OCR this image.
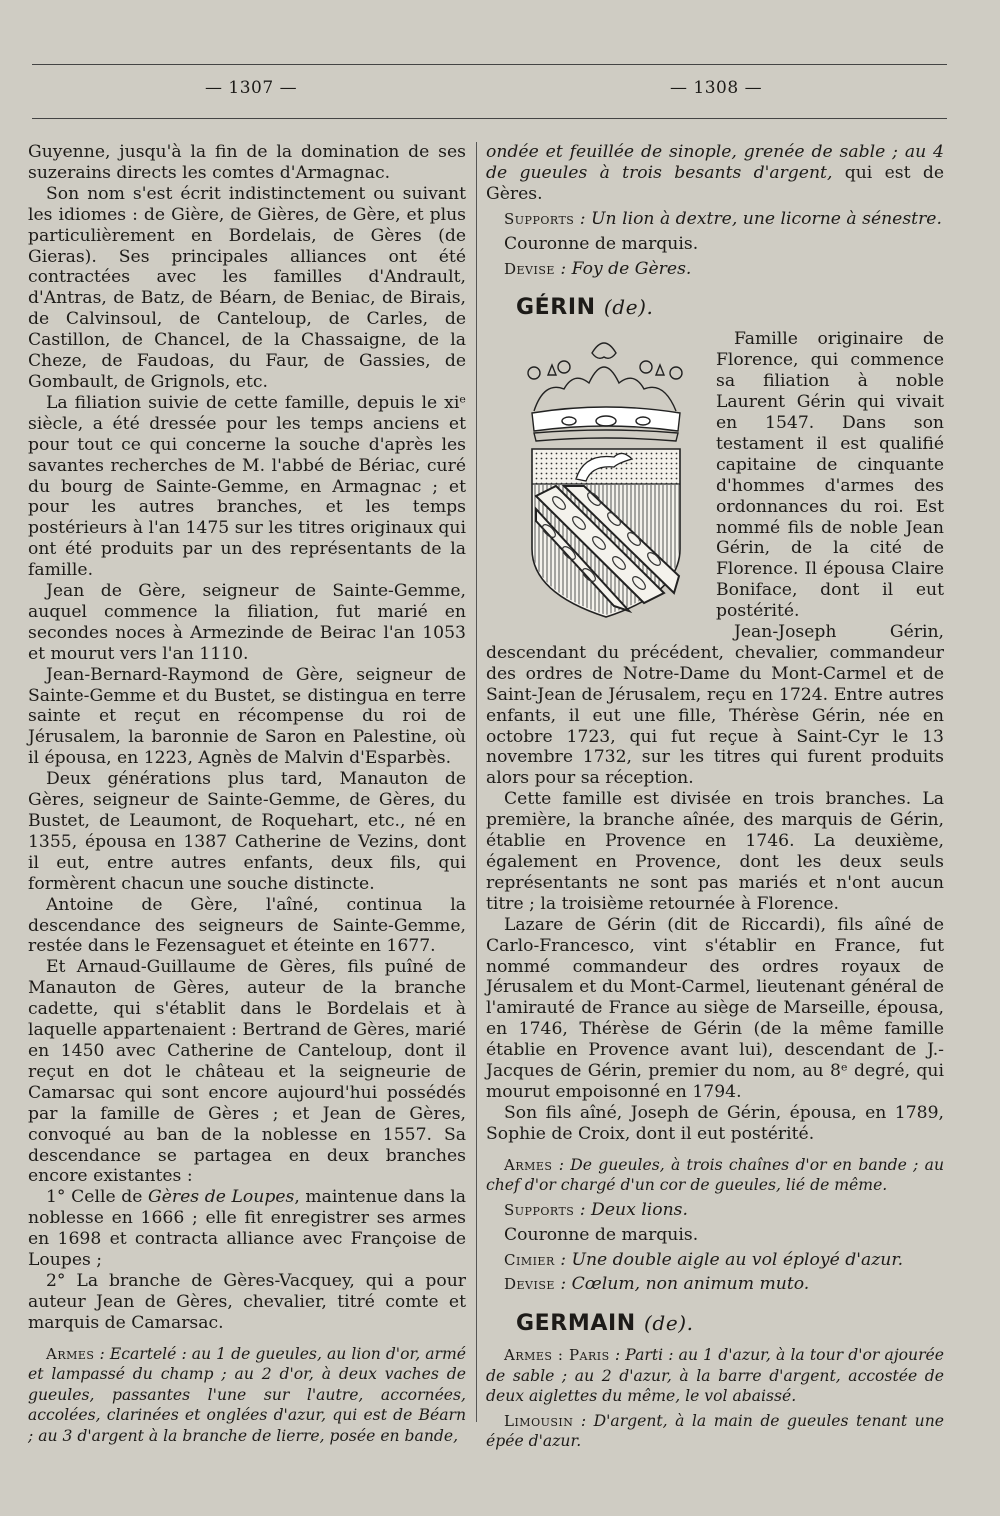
— 1307 —	— 1308 —

Guyenne, jusqu'à la fin de la domination de ses suzerains directs les comtes d'Armagnac.

Son nom s'est écrit indistinctement ou suivant les idiomes : de Gière, de Gières, de Gère, et plus particulièrement en Bordelais, de Gères (de Gieras). Ses principales alliances ont été contractées avec les familles d'Andrault, d'Antras, de Batz, de Béarn, de Beniac, de Birais, de Calvinsoul, de Canteloup, de Carles, de Castillon, de Chancel, de la Chassaigne, de la Cheze, de Faudoas, du Faur, de Gassies, de Gombault, de Grignols, etc.

La filiation suivie de cette famille, depuis le xiᵉ siècle, a été dressée pour les temps anciens et pour tout ce qui concerne la souche d'après les savantes recherches de M. l'abbé de Bériac, curé du bourg de Sainte-Gemme, en Armagnac ; et pour les autres branches, et les temps postérieurs à l'an 1475 sur les titres originaux qui ont été produits par un des représentants de la famille.

Jean de Gère, seigneur de Sainte-Gemme, auquel commence la filiation, fut marié en secondes noces à Armezinde de Beirac l'an 1053 et mourut vers l'an 1110.

Jean-Bernard-Raymond de Gère, seigneur de Sainte-Gemme et du Bustet, se distingua en terre sainte et reçut en récompense du roi de Jérusalem, la baronnie de Saron en Palestine, où il épousa, en 1223, Agnès de Malvin d'Esparbès.

Deux générations plus tard, Manauton de Gères, seigneur de Sainte-Gemme, de Gères, du Bustet, de Leaumont, de Roquehart, etc., né en 1355, épousa en 1387 Catherine de Vezins, dont il eut, entre autres enfants, deux fils, qui formèrent chacun une souche distincte.

Antoine de Gère, l'aîné, continua la descendance des seigneurs de Sainte-Gemme, restée dans le Fezensaguet et éteinte en 1677.

Et Arnaud-Guillaume de Gères, fils puîné de Manauton de Gères, auteur de la branche cadette, qui s'établit dans le Bordelais et à laquelle appartenaient : Bertrand de Gères, marié en 1450 avec Catherine de Canteloup, dont il reçut en dot le château et la seigneurie de Camarsac qui sont encore aujourd'hui possédés par la famille de Gères ; et Jean de Gères, convoqué au ban de la noblesse en 1557. Sa descendance se partagea en deux branches encore existantes :

1° Celle de Gères de Loupes, maintenue dans la noblesse en 1666 ; elle fit enregistrer ses armes en 1698 et contracta alliance avec Françoise de Loupes ;

2° La branche de Gères-Vacquey, qui a pour auteur Jean de Gères, chevalier, titré comte et marquis de Camarsac.

Armes : Ecartelé : au 1 de gueules, au lion d'or, armé et lampassé du champ ; au 2 d'or, à deux vaches de gueules, passantes l'une sur l'autre, accornées, accolées, clarinées et onglées d'azur, qui est de Béarn ; au 3 d'argent à la branche de lierre, posée en bande,

ondée et feuillée de sinople, grenée de sable ; au 4 de gueules à trois besants d'argent, qui est de Gères.

Supports : Un lion à dextre, une licorne à sénestre.

Couronne de marquis.

Devise : Foy de Gères.

GÉRIN (de).

Famille originaire de Florence, qui commence sa filiation à noble Laurent Gérin qui vivait en 1547. Dans son testament il est qualifié capitaine de cinquante d'hommes d'armes des ordonnances du roi. Est nommé fils de noble Jean Gérin, de la cité de Florence. Il épousa Claire Boniface, dont il eut postérité.

Jean-Joseph Gérin, descendant du précédent, chevalier, commandeur des ordres de Notre-Dame du Mont-Carmel et de Saint-Jean de Jérusalem, reçu en 1724. Entre autres enfants, il eut une fille, Thérèse Gérin, née en octobre 1723, qui fut reçue à Saint-Cyr le 13 novembre 1732, sur les titres qui furent produits alors pour sa réception.

Cette famille est divisée en trois branches. La première, la branche aînée, des marquis de Gérin, établie en Provence en 1746. La deuxième, également en Provence, dont les deux seuls représentants ne sont pas mariés et n'ont aucun titre ; la troisième retournée à Florence.

Lazare de Gérin (dit de Riccardi), fils aîné de Carlo-Francesco, vint s'établir en France, fut nommé commandeur des ordres royaux de Jérusalem et du Mont-Carmel, lieutenant général de l'amirauté de France au siège de Marseille, épousa, en 1746, Thérèse de Gérin (de la même famille établie en Provence avant lui), descendant de J.-Jacques de Gérin, premier du nom, au 8ᵉ degré, qui mourut empoisonné en 1794.

Son fils aîné, Joseph de Gérin, épousa, en 1789, Sophie de Croix, dont il eut postérité.

Armes : De gueules, à trois chaînes d'or en bande ; au chef d'or chargé d'un cor de gueules, lié de même.

Supports : Deux lions.

Couronne de marquis.

Cimier : Une double aigle au vol éployé d'azur.

Devise : Cœlum, non animum muto.

GERMAIN (de).

Armes : Paris : Parti : au 1 d'azur, à la tour d'or ajourée de sable ; au 2 d'azur, à la barre d'argent, accostée de deux aiglettes du même, le vol abaissé.

Limousin : D'argent, à la main de gueules tenant une épée d'azur.
